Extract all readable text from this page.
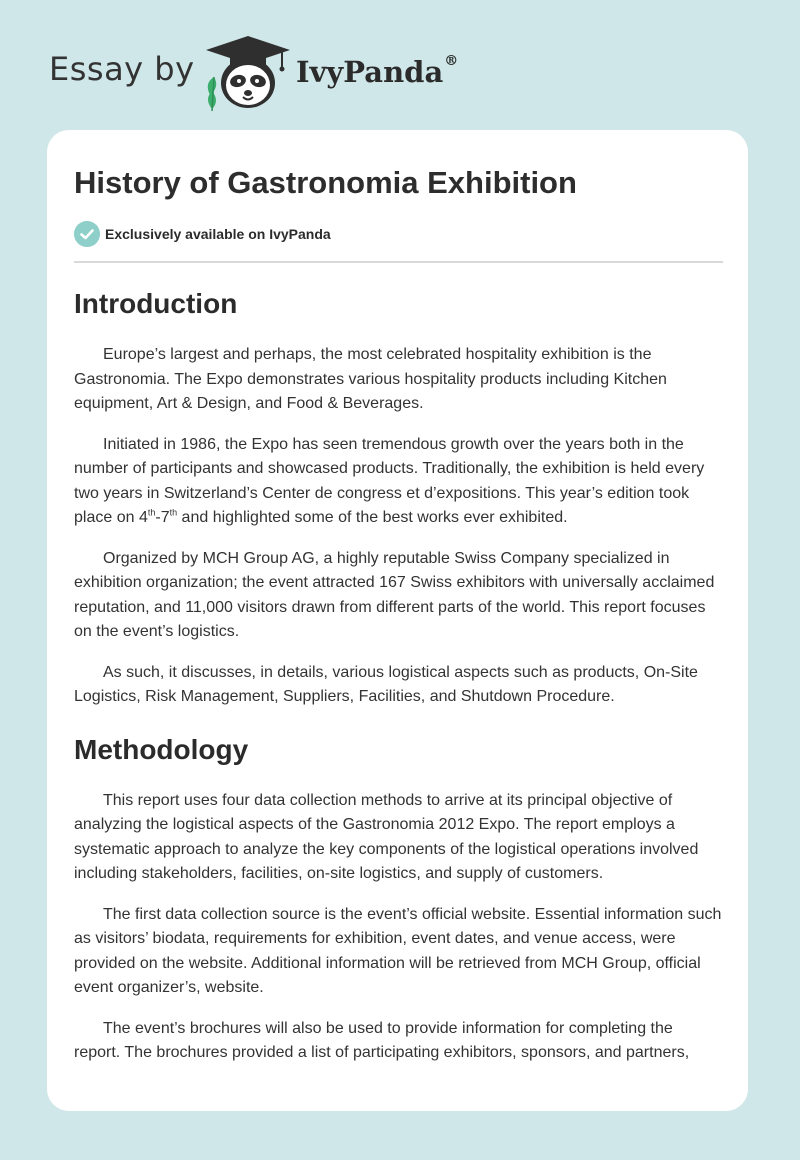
Essay by	IvyPanda®
History of Gastronomia Exhibition
Exclusively available on IvyPanda
Introduction

Europe’s largest and perhaps, the most celebrated hospitality exhibition is the Gastronomia. The Expo demonstrates various hospitality products including Kitchen equipment, Art & Design, and Food & Beverages.

Initiated in 1986, the Expo has seen tremendous growth over the years both in the number of participants and showcased products. Traditionally, the exhibition is held every two years in Switzerland’s Center de congress et d’expositions. This year’s edition took place on 4th-7th and highlighted some of the best works ever exhibited.

Organized by MCH Group AG, a highly reputable Swiss Company specialized in exhibition organization; the event attracted 167 Swiss exhibitors with universally acclaimed reputation, and 11,000 visitors drawn from different parts of the world. This report focuses on the event’s logistics.

As such, it discusses, in details, various logistical aspects such as products, On-Site Logistics, Risk Management, Suppliers, Facilities, and Shutdown Procedure.

Methodology

This report uses four data collection methods to arrive at its principal objective of analyzing the logistical aspects of the Gastronomia 2012 Expo. The report employs a systematic approach to analyze the key components of the logistical operations involved including stakeholders, facilities, on-site logistics, and supply of customers.

The first data collection source is the event’s official website. Essential information such as visitors’ biodata, requirements for exhibition, event dates, and venue access, were provided on the website. Additional information will be retrieved from MCH Group, official event organizer’s, website.

The event’s brochures will also be used to provide information for completing the report. The brochures provided a list of participating exhibitors, sponsors, and partners,
